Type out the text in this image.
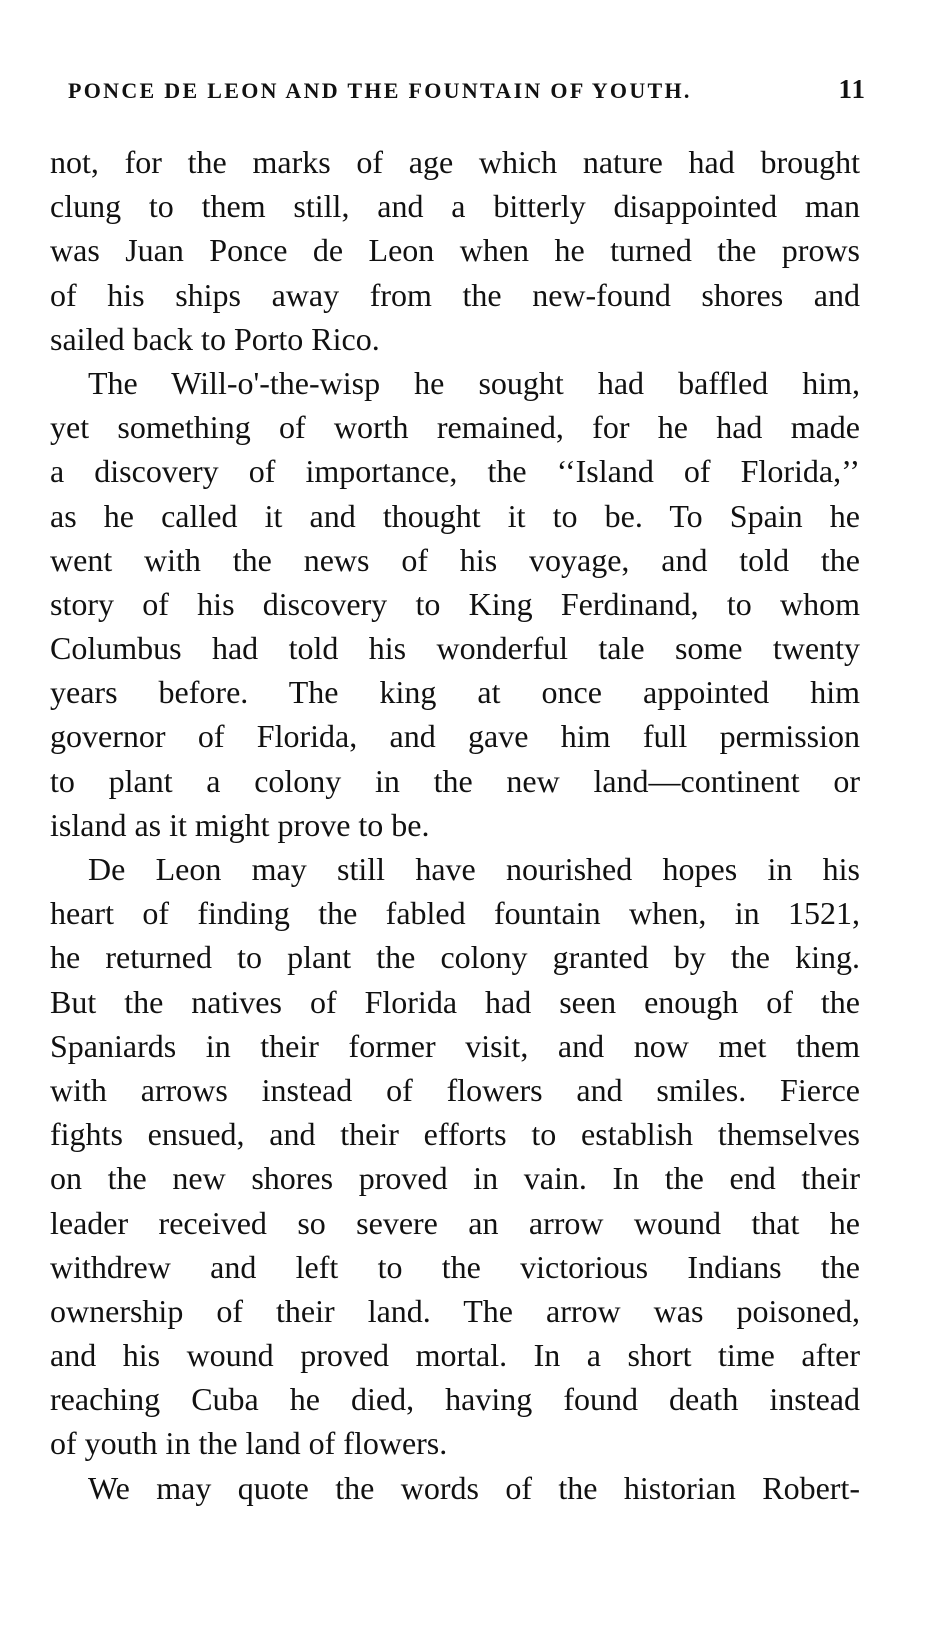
PONCE DE LEON AND THE FOUNTAIN OF YOUTH.	11
not, for the marks of age which nature had brought
clung to them still, and a bitterly disappointed man
was Juan Ponce de Leon when he turned the prows
of his ships away from the new-found shores and
sailed back to Porto Rico.
The Will-o'-the-wisp he sought had baffled him,
yet something of worth remained, for he had made
a discovery of importance, the ‘‘Island of Florida,’’
as he called it and thought it to be. To Spain he
went with the news of his voyage, and told the
story of his discovery to King Ferdinand, to whom
Columbus had told his wonderful tale some twenty
years before. The king at once appointed him
governor of Florida, and gave him full permission
to plant a colony in the new land—continent or
island as it might prove to be.
De Leon may still have nourished hopes in his
heart of finding the fabled fountain when, in 1521,
he returned to plant the colony granted by the king.
But the natives of Florida had seen enough of the
Spaniards in their former visit, and now met them
with arrows instead of flowers and smiles. Fierce
fights ensued, and their efforts to establish themselves
on the new shores proved in vain. In the end their
leader received so severe an arrow wound that he
withdrew and left to the victorious Indians the
ownership of their land. The arrow was poisoned,
and his wound proved mortal. In a short time after
reaching Cuba he died, having found death instead
of youth in the land of flowers.
We may quote the words of the historian Robert-
